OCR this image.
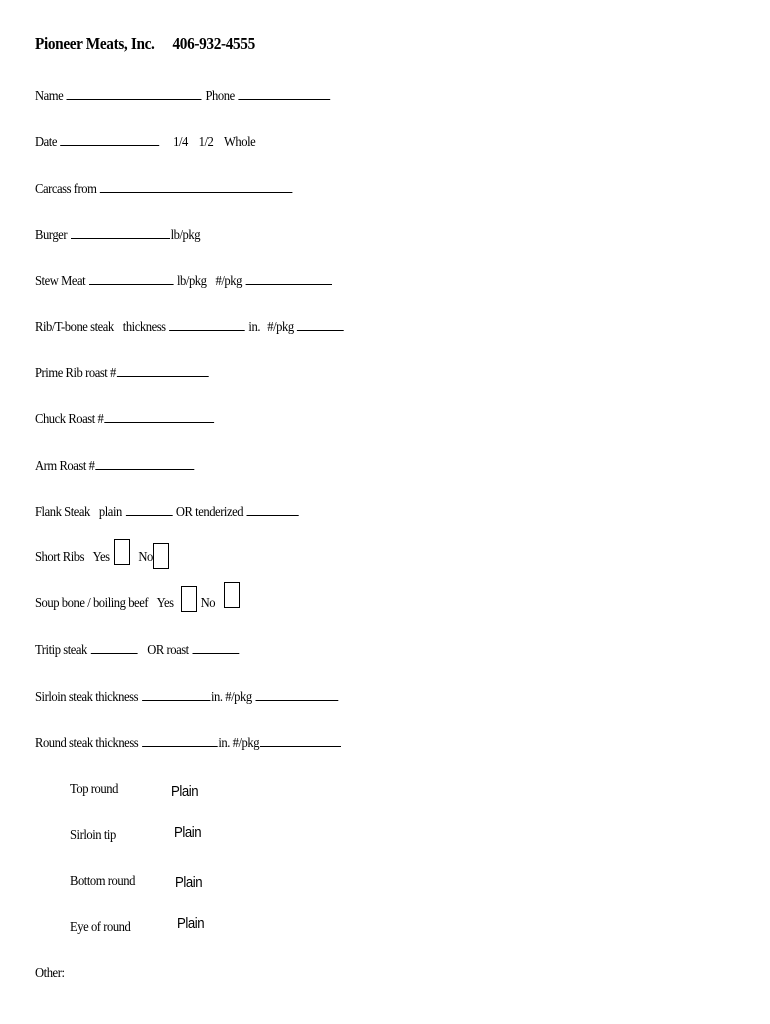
Pioneer Meats, Inc. 406-932-4555
Name	Phone
Date	1/4 1/2 Whole
Carcass from
Burger	lb/pkg
Stew Meat	lb/pkg #/pkg
Rib/T-bone steak thickness	in. #/pkg
Prime Rib roast #
Chuck Roast #
Arm Roast #
Flank Steak plain	OR tenderized
Short Ribs Yes No
Soup bone / boiling beef Yes No
Tritip steak	OR roast
Sirloin steak thickness	in. #/pkg
Round steak thickness	in. #/pkg
Top round	Plain
Sirloin tip	Plain
Bottom round	Plain
Eye of round	Plain
Other:
